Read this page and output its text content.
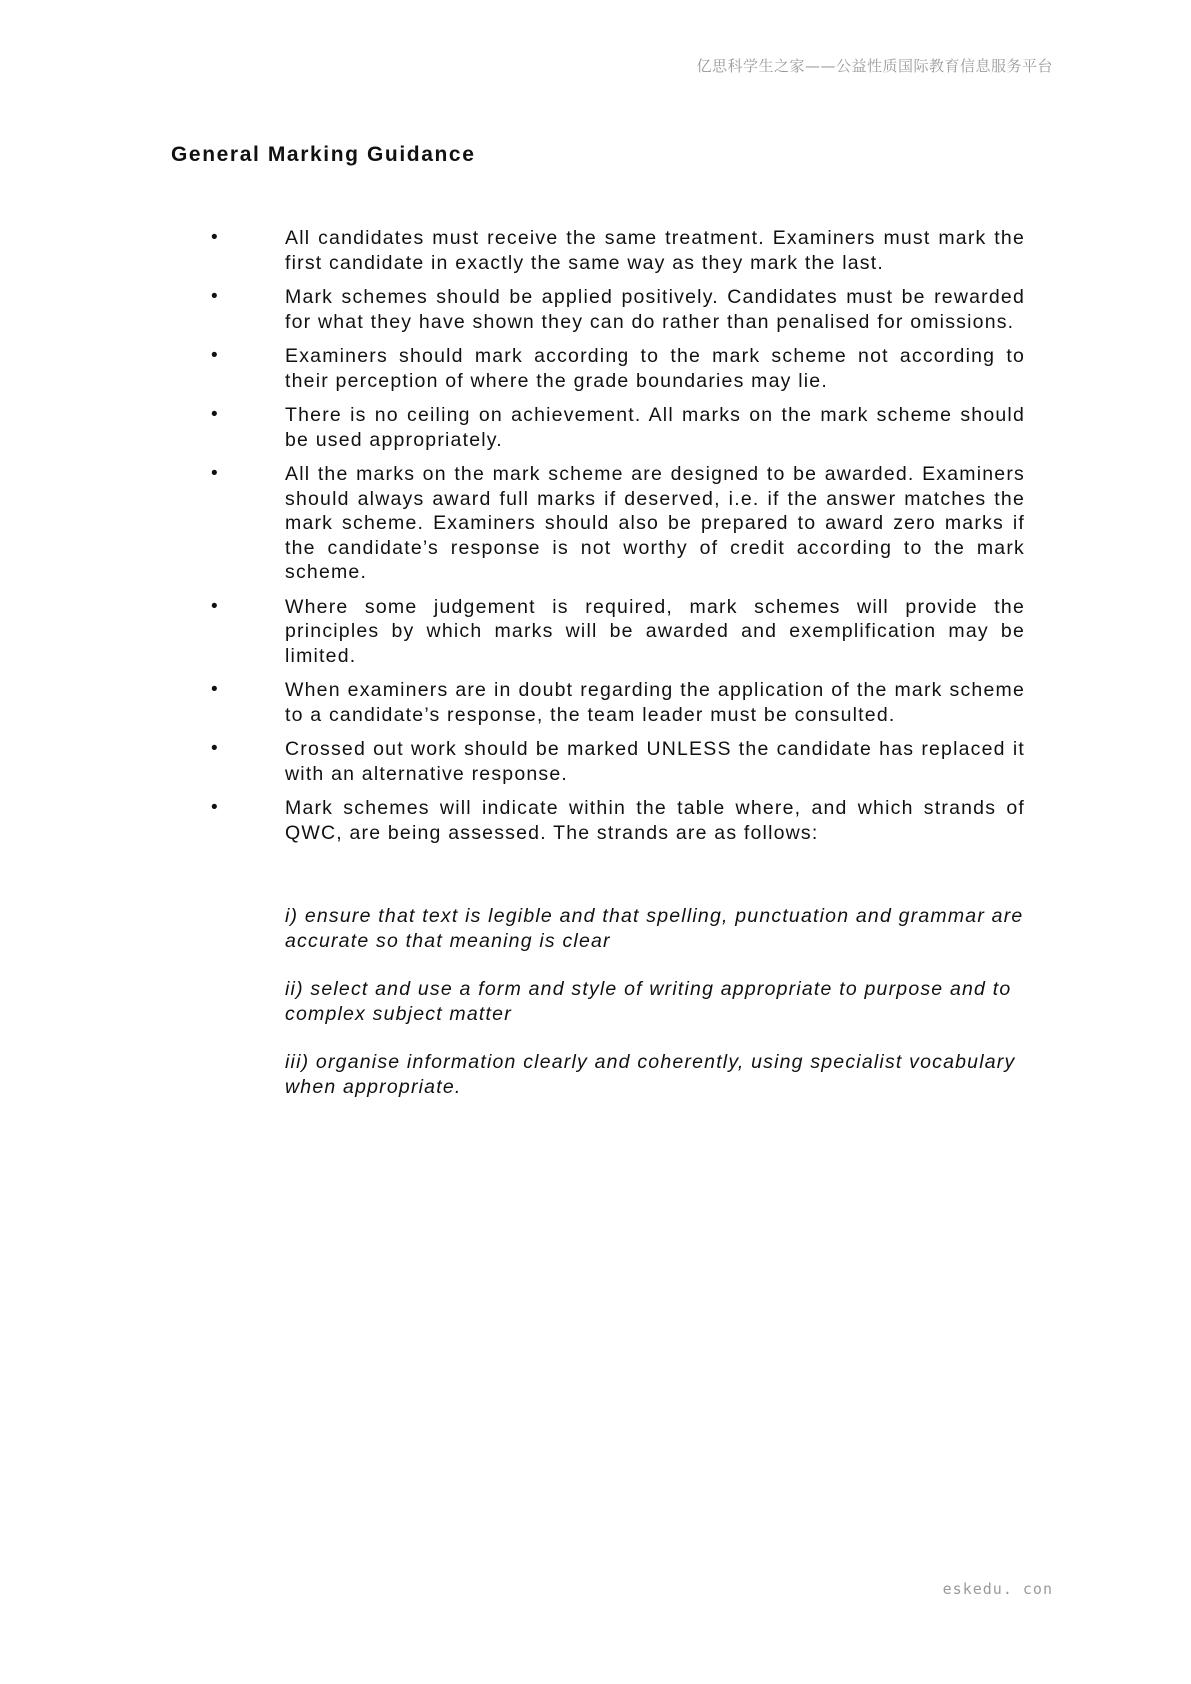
亿思科学生之家——公益性质国际教育信息服务平台
General Marking Guidance
•	All candidates must receive the same treatment. Examiners must mark the first candidate in exactly the same way as they mark the last.
•	Mark schemes should be applied positively. Candidates must be rewarded for what they have shown they can do rather than penalised for omissions.
•	Examiners should mark according to the mark scheme not according to their perception of where the grade boundaries may lie.
•	There is no ceiling on achievement. All marks on the mark scheme should be used appropriately.
•	All the marks on the mark scheme are designed to be awarded. Examiners should always award full marks if deserved, i.e. if the answer matches the mark scheme. Examiners should also be prepared to award zero marks if the candidate’s response is not worthy of credit according to the mark scheme.
•	Where some judgement is required, mark schemes will provide the principles by which marks will be awarded and exemplification may be limited.
•	When examiners are in doubt regarding the application of the mark scheme to a candidate’s response, the team leader must be consulted.
•	Crossed out work should be marked UNLESS the candidate has replaced it with an alternative response.
•	Mark schemes will indicate within the table where, and which strands of QWC, are being assessed. The strands are as follows:

i) ensure that text is legible and that spelling, punctuation and grammar are accurate so that meaning is clear

ii) select and use a form and style of writing appropriate to purpose and to complex subject matter

iii) organise information clearly and coherently, using specialist vocabulary when appropriate.

eskedu. con
